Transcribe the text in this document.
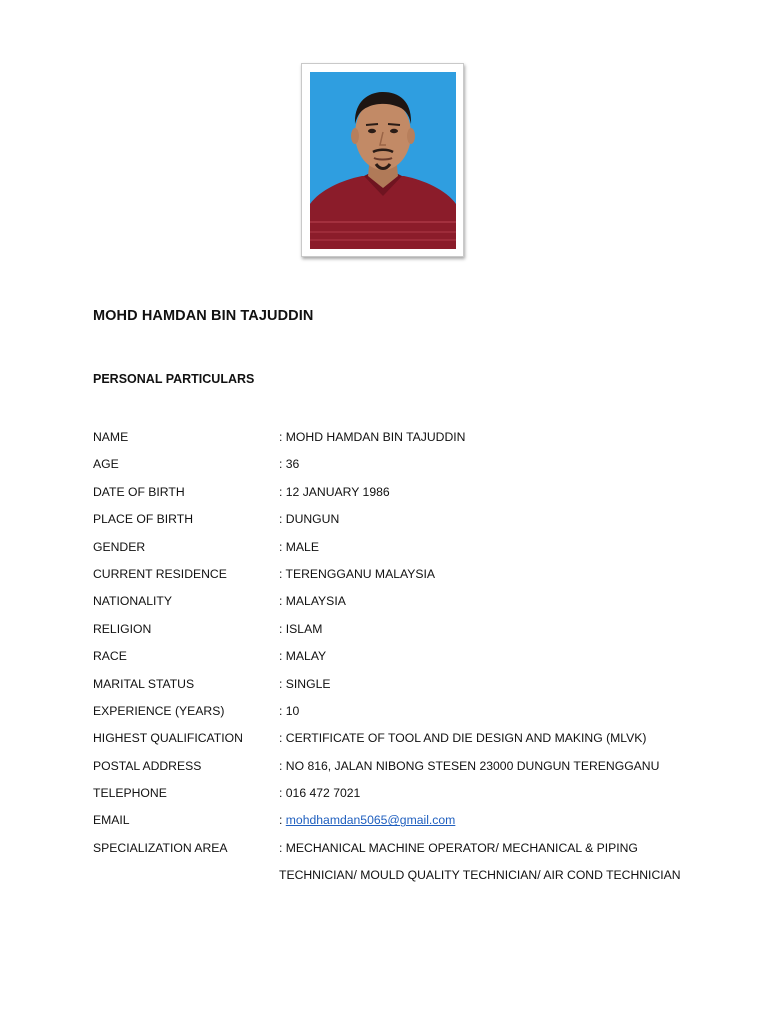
MOHD HAMDAN BIN TAJUDDIN
PERSONAL PARTICULARS
NAME	: MOHD HAMDAN BIN TAJUDDIN
AGE	: 36
DATE OF BIRTH	: 12 JANUARY 1986
PLACE OF BIRTH	: DUNGUN
GENDER	: MALE
CURRENT RESIDENCE	: TERENGGANU MALAYSIA
NATIONALITY	: MALAYSIA
RELIGION	: ISLAM
RACE	: MALAY
MARITAL STATUS	: SINGLE
EXPERIENCE (YEARS)	: 10
HIGHEST QUALIFICATION	: CERTIFICATE OF TOOL AND DIE DESIGN AND MAKING (MLVK)
POSTAL ADDRESS	: NO 816, JALAN NIBONG STESEN 23000 DUNGUN TERENGGANU
TELEPHONE	: 016 472 7021
EMAIL	: mohdhamdan5065@gmail.com
SPECIALIZATION AREA	: MECHANICAL MACHINE OPERATOR/ MECHANICAL & PIPING
TECHNICIAN/ MOULD QUALITY TECHNICIAN/ AIR COND TECHNICIAN
